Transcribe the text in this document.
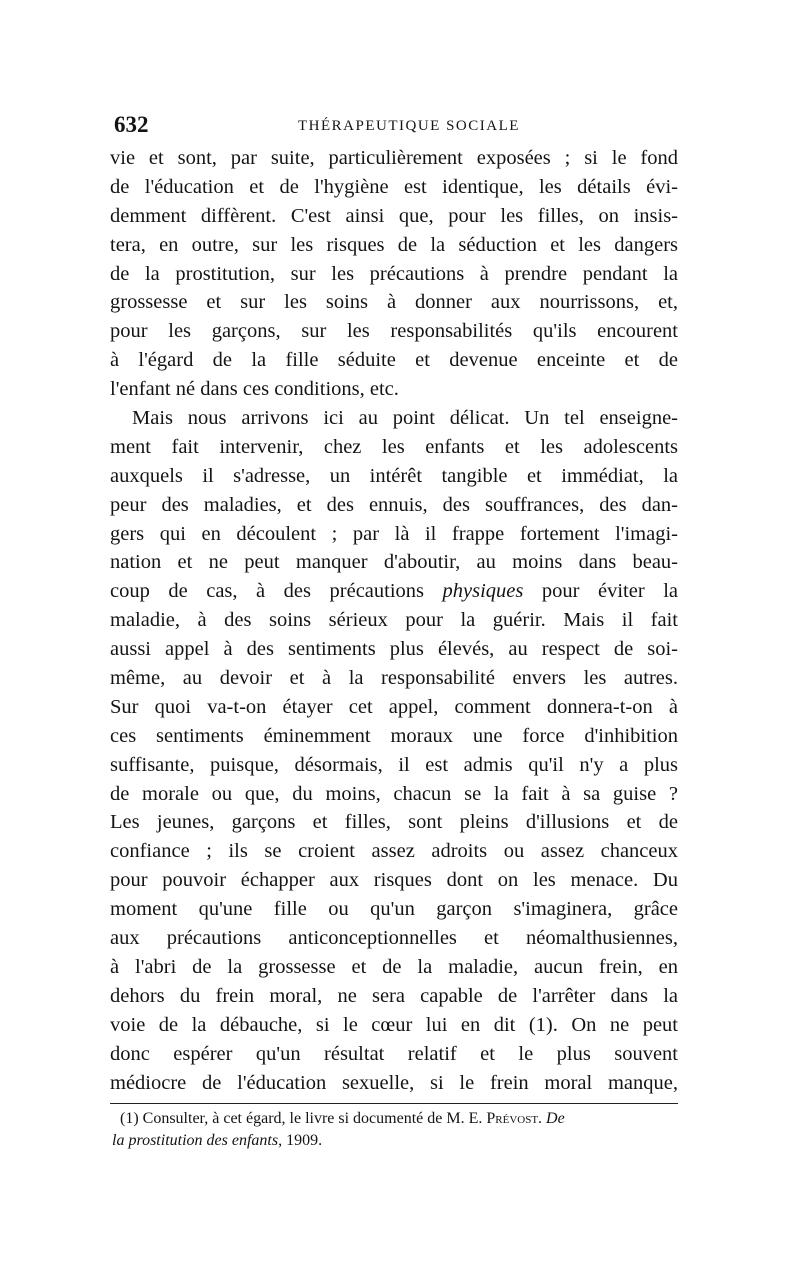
632	THÉRAPEUTIQUE SOCIALE
vie et sont, par suite, particulièrement exposées ; si le fond
de l'éducation et de l'hygiène est identique, les détails évi-
demment diffèrent. C'est ainsi que, pour les filles, on insis-
tera, en outre, sur les risques de la séduction et les dangers
de la prostitution, sur les précautions à prendre pendant la
grossesse et sur les soins à donner aux nourrissons, et,
pour les garçons, sur les responsabilités qu'ils encourent
à l'égard de la fille séduite et devenue enceinte et de
l'enfant né dans ces conditions, etc.
Mais nous arrivons ici au point délicat. Un tel enseigne-
ment fait intervenir, chez les enfants et les adolescents
auxquels il s'adresse, un intérêt tangible et immédiat, la
peur des maladies, et des ennuis, des souffrances, des dan-
gers qui en découlent ; par là il frappe fortement l'imagi-
nation et ne peut manquer d'aboutir, au moins dans beau-
coup de cas, à des précautions physiques pour éviter la
maladie, à des soins sérieux pour la guérir. Mais il fait
aussi appel à des sentiments plus élevés, au respect de soi-
même, au devoir et à la responsabilité envers les autres.
Sur quoi va-t-on étayer cet appel, comment donnera-t-on à
ces sentiments éminemment moraux une force d'inhibition
suffisante, puisque, désormais, il est admis qu'il n'y a plus
de morale ou que, du moins, chacun se la fait à sa guise ?
Les jeunes, garçons et filles, sont pleins d'illusions et de
confiance ; ils se croient assez adroits ou assez chanceux
pour pouvoir échapper aux risques dont on les menace. Du
moment qu'une fille ou qu'un garçon s'imaginera, grâce
aux précautions anticonceptionnelles et néomalthusiennes,
à l'abri de la grossesse et de la maladie, aucun frein, en
dehors du frein moral, ne sera capable de l'arrêter dans la
voie de la débauche, si le cœur lui en dit (1). On ne peut
donc espérer qu'un résultat relatif et le plus souvent
médiocre de l'éducation sexuelle, si le frein moral manque,
(1) Consulter, à cet égard, le livre si documenté de M. E. Prévost. De
la prostitution des enfants, 1909.
